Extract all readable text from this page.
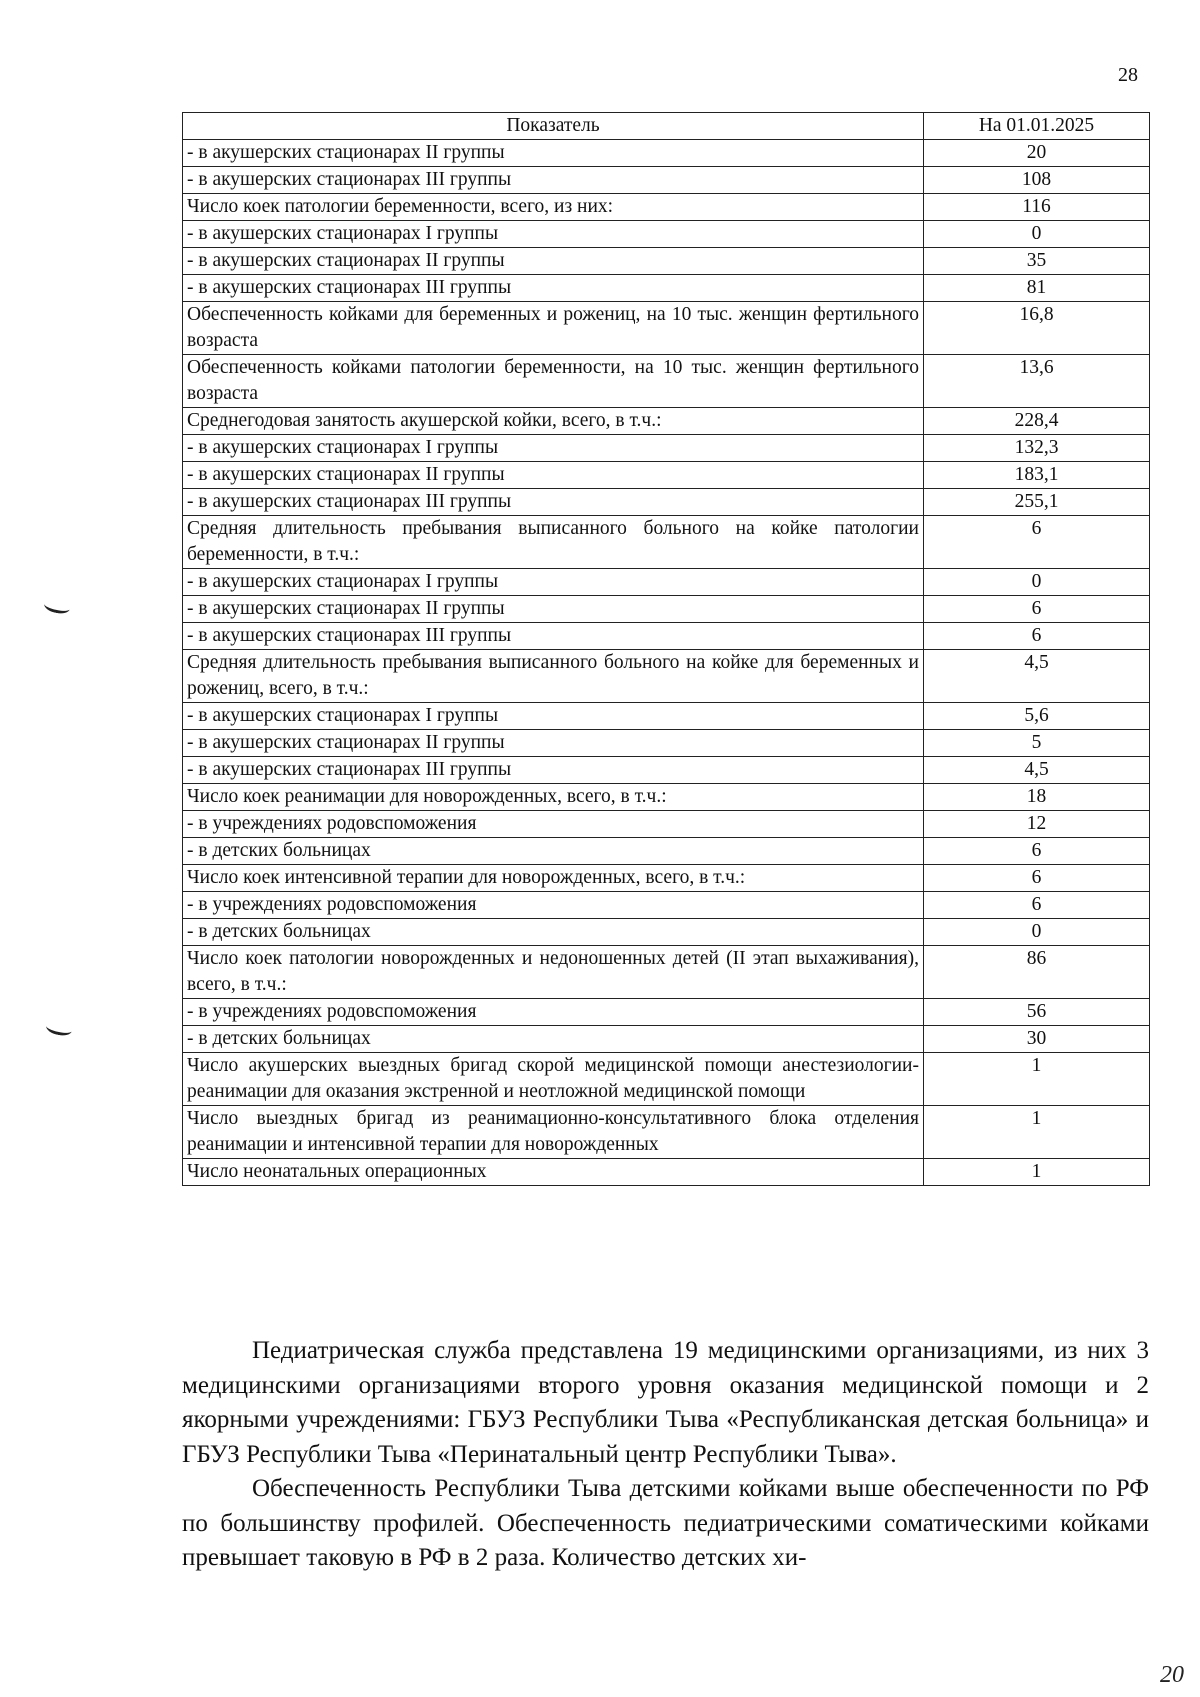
28
Показатель	На 01.01.2025
- в акушерских стационарах II группы	20
- в акушерских стационарах III группы	108
Число коек патологии беременности, всего, из них:	116
- в акушерских стационарах I группы	0
- в акушерских стационарах II группы	35
- в акушерских стационарах III группы	81
Обеспеченность койками для беременных и рожениц, на 10 тыс. женщин фертильного возраста	16,8
Обеспеченность койками патологии беременности, на 10 тыс. женщин фертильного возраста	13,6
Среднегодовая занятость акушерской койки, всего, в т.ч.:	228,4
- в акушерских стационарах I группы	132,3
- в акушерских стационарах II группы	183,1
- в акушерских стационарах III группы	255,1
Средняя длительность пребывания выписанного больного на койке патологии беременности, в т.ч.:	6
- в акушерских стационарах I группы	0
- в акушерских стационарах II группы	6
- в акушерских стационарах III группы	6
Средняя длительность пребывания выписанного больного на койке для беременных и рожениц, всего, в т.ч.:	4,5
- в акушерских стационарах I группы	5,6
- в акушерских стационарах II группы	5
- в акушерских стационарах III группы	4,5
Число коек реанимации для новорожденных, всего, в т.ч.:	18
- в учреждениях родовспоможения	12
- в детских больницах	6
Число коек интенсивной терапии для новорожденных, всего, в т.ч.:	6
- в учреждениях родовспоможения	6
- в детских больницах	0
Число коек патологии новорожденных и недоношенных детей (II этап выхаживания), всего, в т.ч.:	86
- в учреждениях родовспоможения	56
- в детских больницах	30
Число акушерских выездных бригад скорой медицинской помощи анестезиологии-реанимации для оказания экстренной и неотложной медицинской помощи	1
Число выездных бригад из реанимационно-консультативного блока отделения реанимации и интенсивной терапии для новорожденных	1
Число неонатальных операционных	1

Педиатрическая служба представлена 19 медицинскими организациями, из них 3 медицинскими организациями второго уровня оказания медицинской помощи и 2 якорными учреждениями: ГБУЗ Республики Тыва «Республиканская детская больница» и ГБУЗ Республики Тыва «Перинатальный центр Республики Тыва».

Обеспеченность Республики Тыва детскими койками выше обеспеченности по РФ по большинству профилей. Обеспеченность педиатрическими соматическими койками превышает таковую в РФ в 2 раза. Количество детских хи-

20
